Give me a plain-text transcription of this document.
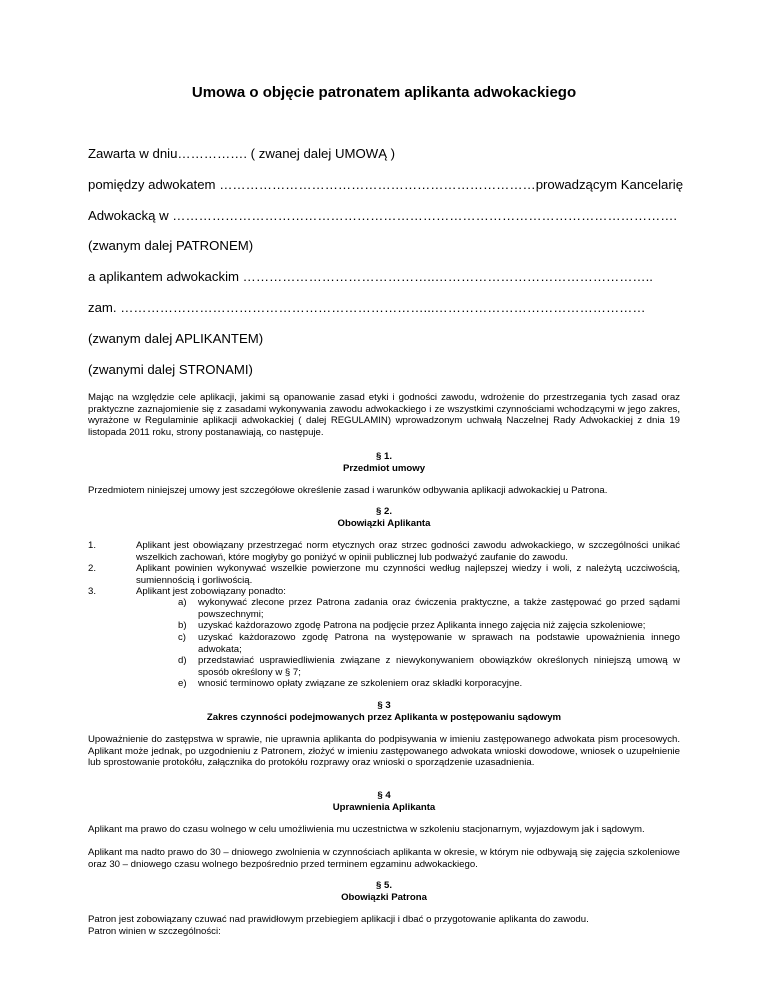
Umowa o objęcie patronatem aplikanta adwokackiego
Zawarta w dniu……………. ( zwanej dalej UMOWĄ )
pomiędzy adwokatem ………………………………………………………………prowadzącym Kancelarię
Adwokacką w …………………………………………………………………………………………………….
(zwanym dalej PATRONEM)
a aplikantem adwokackim ……………………………………..…………………………………………..
zam. ……………………………………………………………...…………………………………………
(zwanym dalej APLIKANTEM)
(zwanymi dalej STRONAMI)
Mając na względzie cele aplikacji, jakimi są opanowanie zasad etyki i godności zawodu, wdrożenie do przestrzegania tych zasad oraz praktyczne zaznajomienie się z zasadami wykonywania zawodu adwokackiego i ze wszystkimi czynnościami wchodzącymi w jego zakres, wyrażone w Regulaminie aplikacji adwokackiej ( dalej REGULAMIN) wprowadzonym uchwałą Naczelnej Rady Adwokackiej z dnia 19 listopada 2011 roku, strony postanawiają, co następuje.
§ 1.
Przedmiot umowy
Przedmiotem niniejszej umowy jest szczegółowe określenie zasad i warunków odbywania aplikacji adwokackiej u Patrona.
§ 2.
Obowiązki Aplikanta
1.	Aplikant jest obowiązany przestrzegać norm etycznych oraz strzec godności zawodu adwokackiego, w szczególności unikać wszelkich zachowań, które mogłyby go poniżyć w opinii publicznej lub podważyć zaufanie do zawodu.
2.	Aplikant powinien wykonywać wszelkie powierzone mu czynności według najlepszej wiedzy i woli, z należytą uczciwością, sumiennością i gorliwością.
3.	Aplikant jest zobowiązany ponadto:
a) wykonywać zlecone przez Patrona zadania oraz ćwiczenia praktyczne, a także zastępować go przed sądami powszechnymi;
b) uzyskać każdorazowo zgodę Patrona na podjęcie przez Aplikanta innego zajęcia niż zajęcia szkoleniowe;
c) uzyskać każdorazowo zgodę Patrona na występowanie w sprawach na podstawie upoważnienia innego adwokata;
d) przedstawiać usprawiedliwienia związane z niewykonywaniem obowiązków określonych niniejszą umową w sposób określony w § 7;
e) wnosić terminowo opłaty związane ze szkoleniem oraz składki korporacyjne.
§ 3
Zakres czynności podejmowanych przez Aplikanta w postępowaniu sądowym
Upoważnienie do zastępstwa w sprawie, nie uprawnia aplikanta do podpisywania w imieniu zastępowanego adwokata pism procesowych. Aplikant może jednak, po uzgodnieniu z Patronem, złożyć w imieniu zastępowanego adwokata wnioski dowodowe, wniosek o uzupełnienie lub sprostowanie protokółu, załącznika do protokółu rozprawy oraz wnioski o sporządzenie uzasadnienia.
§ 4
Uprawnienia Aplikanta
Aplikant ma prawo do czasu wolnego w celu umożliwienia mu uczestnictwa w szkoleniu stacjonarnym, wyjazdowym jak i sądowym.
Aplikant ma nadto prawo do 30 – dniowego zwolnienia w czynnościach aplikanta w okresie, w którym nie odbywają się zajęcia szkoleniowe oraz 30 – dniowego czasu wolnego bezpośrednio przed terminem egzaminu adwokackiego.
§ 5.
Obowiązki Patrona
Patron jest zobowiązany czuwać nad prawidłowym przebiegiem aplikacji i dbać o przygotowanie aplikanta do zawodu.
Patron winien w szczególności:
